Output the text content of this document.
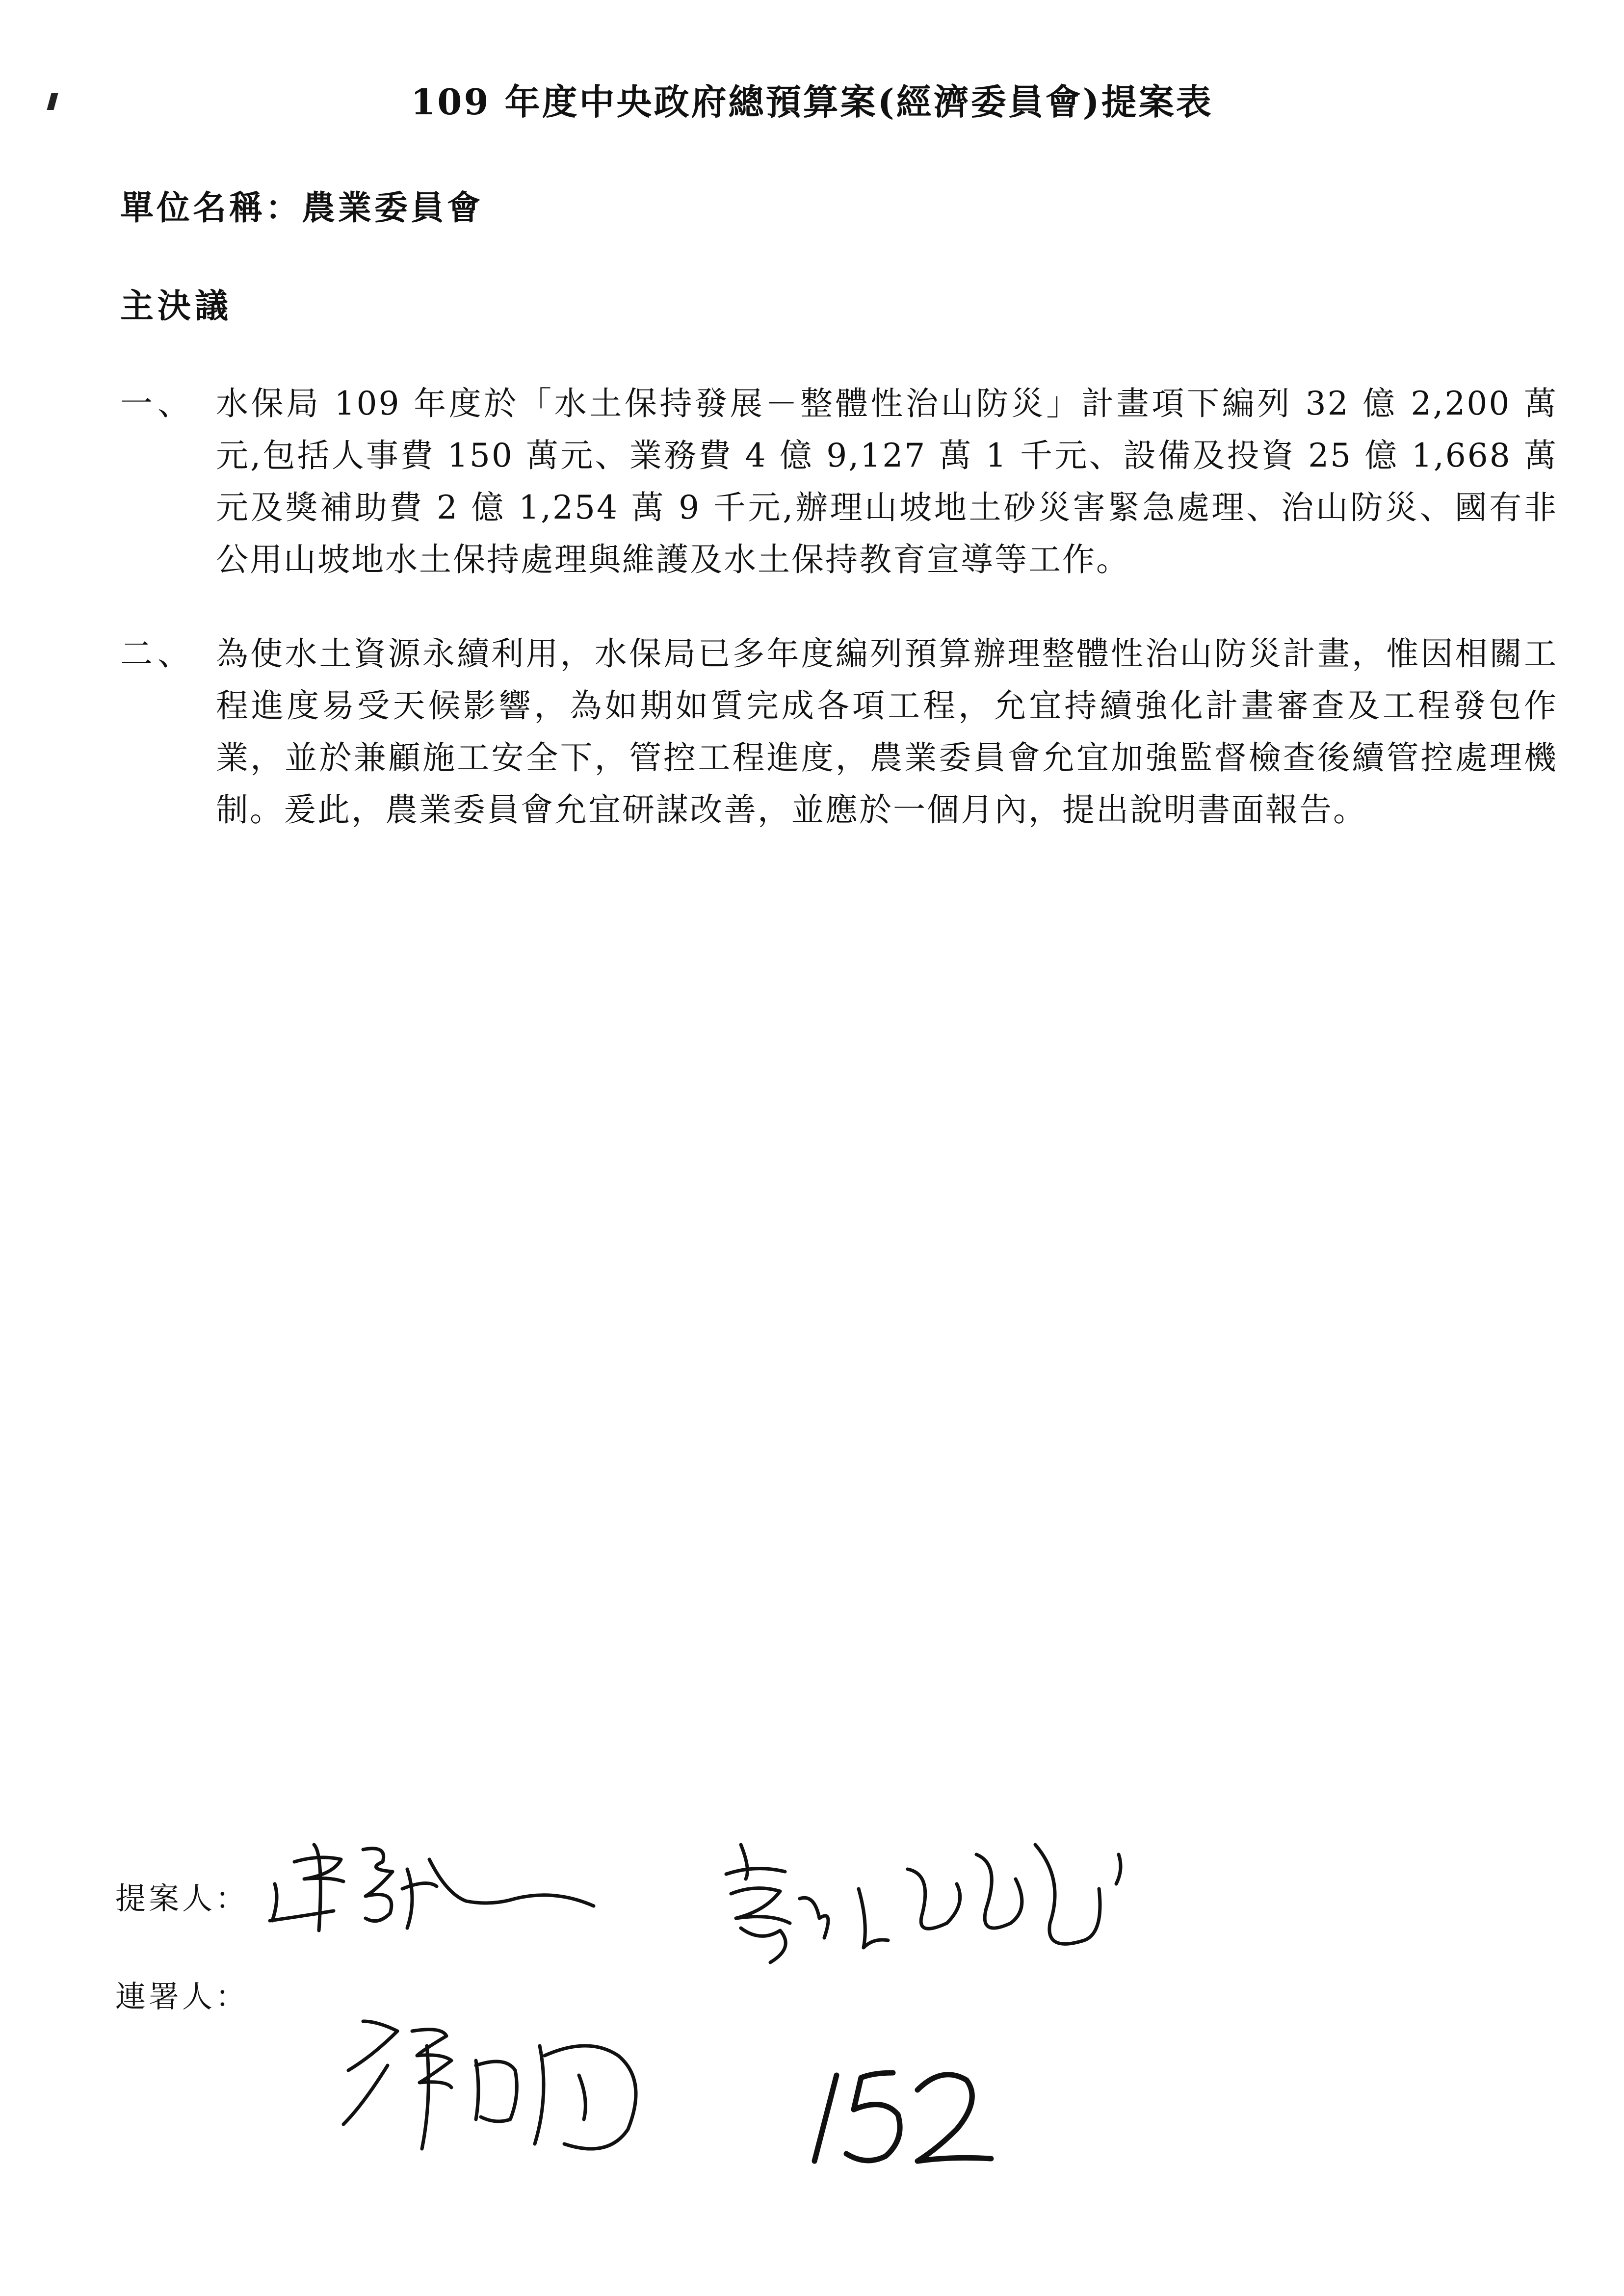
109 年度中央政府總預算案(經濟委員會)提案表
單位名稱：農業委員會
主決議
一、 水保局 109 年度於「水土保持發展－整體性治山防災」計畫項下編列 32 億 2,200 萬元,包括人事費 150 萬元、業務費 4 億 9,127 萬 1 千元、設備及投資 25 億 1,668 萬元及獎補助費 2 億 1,254 萬 9 千元,辦理山坡地土砂災害緊急處理、治山防災、國有非公用山坡地水土保持處理與維護及水土保持教育宣導等工作。
二、 為使水土資源永續利用，水保局已多年度編列預算辦理整體性治山防災計畫，惟因相關工程進度易受天候影響，為如期如質完成各項工程，允宜持續強化計畫審查及工程發包作業，並於兼顧施工安全下，管控工程進度，農業委員會允宜加強監督檢查後續管控處理機制。爰此，農業委員會允宜研謀改善，並應於一個月內，提出說明書面報告。
提案人：
連署人：
